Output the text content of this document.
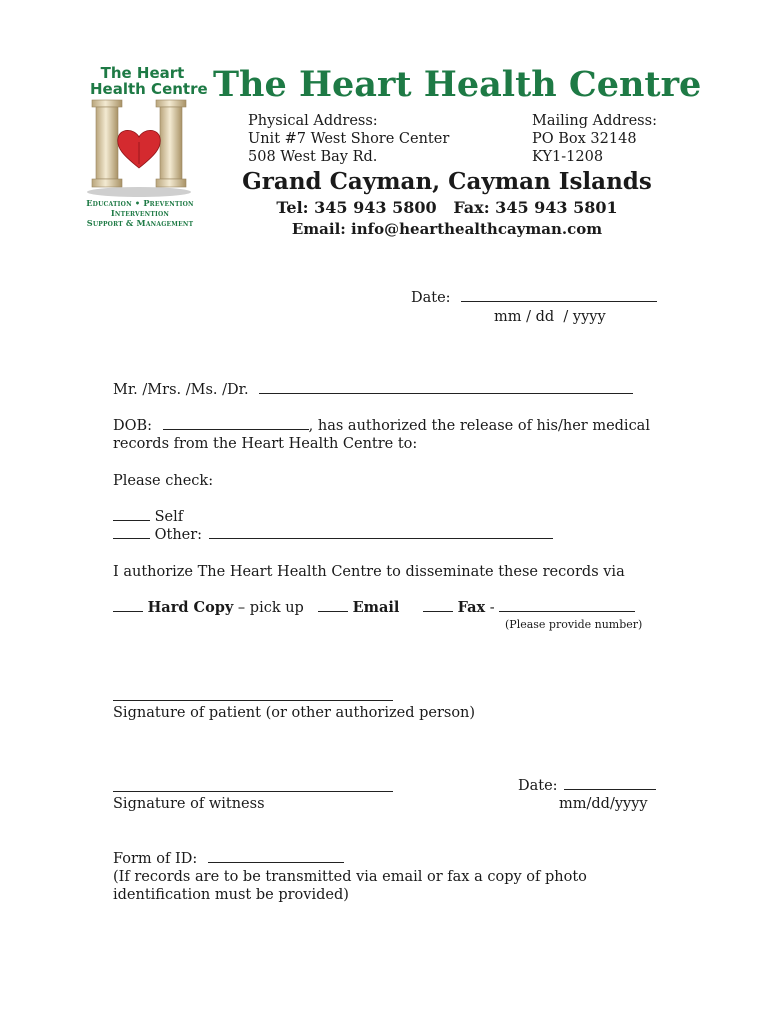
The Heart
Health Centre
Education • Prevention
Intervention
Support & Management
The Heart Health Centre
Physical Address:
Unit #7 West Shore Center
508 West Bay Rd.
Mailing Address:
PO Box 32148
KY1-1208
Grand Cayman, Cayman Islands
Tel: 345 943 5800   Fax: 345 943 5801
Email: info@hearthealthcayman.com
Date:
mm / dd  / yyyy
Mr. /Mrs. /Ms. /Dr.
DOB:	, has authorized the release of his/her medical
records from the Heart Health Centre to:
Please check:
Self
Other:
I authorize The Heart Health Centre to disseminate these records via
Hard Copy – pick up	Email	Fax -
(Please provide number)
Signature of patient (or other authorized person)
Signature of witness
Date:
mm/dd/yyyy
Form of ID:
(If records are to be transmitted via email or fax a copy of photo
identification must be provided)
